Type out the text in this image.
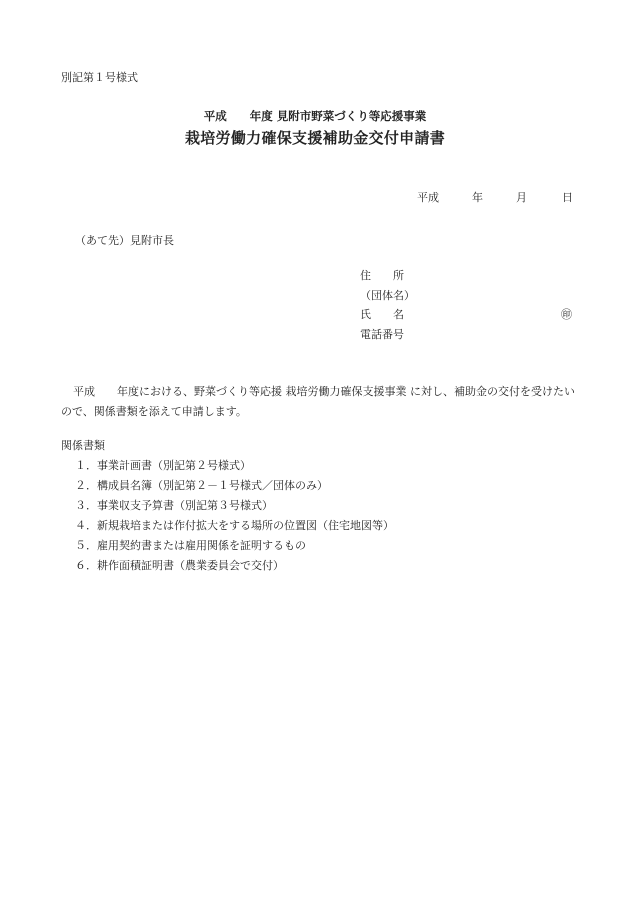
別記第１号様式
平成　　年度 見附市野菜づくり等応援事業
栽培労働力確保支援補助金交付申請書
平成	年	月	日
（あて先）見附市長
住　　所
（団体名）
氏　　名	㊞
電話番号
平成　　年度における、野菜づくり等応援 栽培労働力確保支援事業 に対し、補助金の交付を受けたいので、関係書類を添えて申請します。
関係書類
１．事業計画書（別記第２号様式）
２．構成員名簿（別記第２－１号様式／団体のみ）
３．事業収支予算書（別記第３号様式）
４．新規栽培または作付拡大をする場所の位置図（住宅地図等）
５．雇用契約書または雇用関係を証明するもの
６．耕作面積証明書（農業委員会で交付）
